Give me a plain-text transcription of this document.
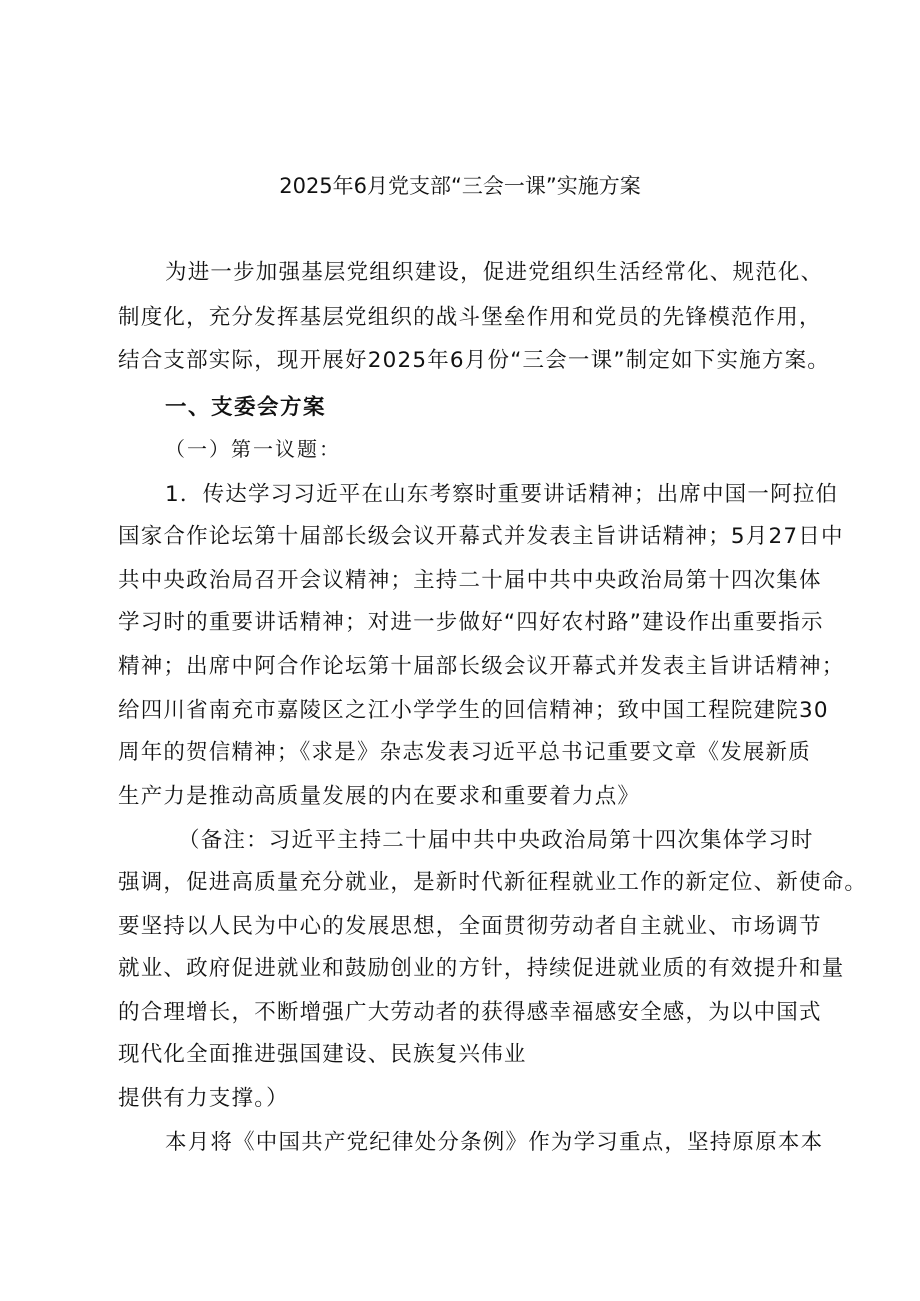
2025年6月党支部“三会一课”实施方案
为进一步加强基层党组织建设，促进党组织生活经常化、规范化、
制度化，充分发挥基层党组织的战斗堡垒作用和党员的先锋模范作用，
结合支部实际，现开展好2025年6月份“三会一课”制定如下实施方案。
一、支委会方案
（一）第一议题：
1．传达学习习近平在山东考察时重要讲话精神；出席中国一阿拉伯
国家合作论坛第十届部长级会议开幕式并发表主旨讲话精神；5月27日中
共中央政治局召开会议精神；主持二十届中共中央政治局第十四次集体
学习时的重要讲话精神；对进一步做好“四好农村路”建设作出重要指示
精神；出席中阿合作论坛第十届部长级会议开幕式并发表主旨讲话精神；
给四川省南充市嘉陵区之江小学学生的回信精神；致中国工程院建院30
周年的贺信精神；《求是》杂志发表习近平总书记重要文章《发展新质
生产力是推动高质量发展的内在要求和重要着力点》
（备注：习近平主持二十届中共中央政治局第十四次集体学习时
强调，促进高质量充分就业，是新时代新征程就业工作的新定位、新使命。
要坚持以人民为中心的发展思想，全面贯彻劳动者自主就业、市场调节
就业、政府促进就业和鼓励创业的方针，持续促进就业质的有效提升和量
的合理增长，不断增强广大劳动者的获得感幸福感安全感，为以中国式
现代化全面推进强国建设、民族复兴伟业
提供有力支撑。）
本月将《中国共产党纪律处分条例》作为学习重点，坚持原原本本
